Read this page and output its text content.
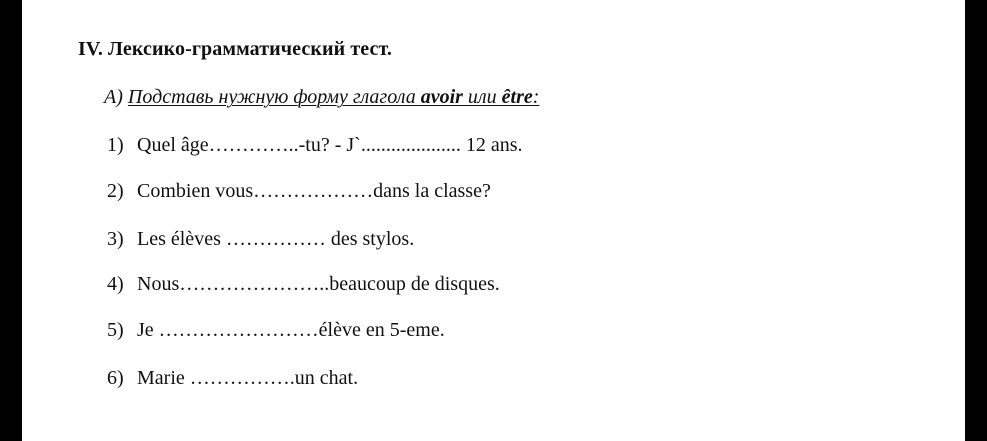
IV. Лексико-грамматический тест.
A) Подставь нужную форму глагола avoir или être:
1) Quel âge…………..-tu? - J`.................... 12 ans.
2) Combien vous………………dans la classe?
3) Les élèves …………… des stylos.
4) Nous…………………..beaucoup de disques.
5) Je ……………………élève en 5-eme.
6) Marie …………….un chat.
